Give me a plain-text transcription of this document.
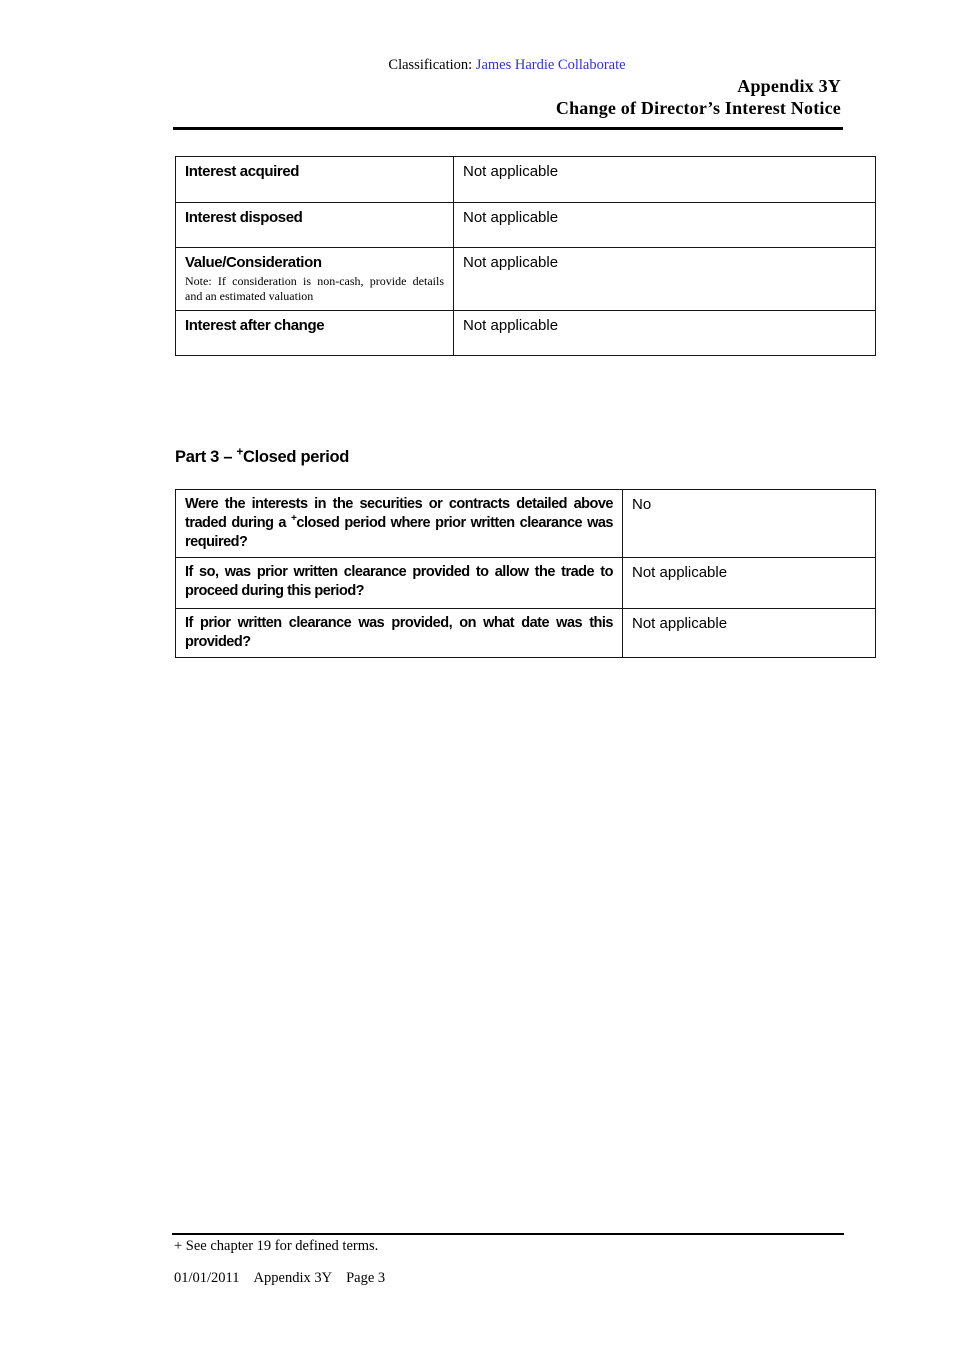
Classification: James Hardie Collaborate
Appendix 3Y
Change of Director’s Interest Notice
Interest acquired	Not applicable
Interest disposed	Not applicable

Value/Consideration
Note: If consideration is non-cash, provide details and an estimated valuation	Not applicable
Interest after change	Not applicable
Part 3 – +Closed period
Were the interests in the securities or contracts detailed above traded during a +closed period where prior written clearance was required?	No
If so, was prior written clearance provided to allow the trade to proceed during this period?	Not applicable
If prior written clearance was provided, on what date was this provided?	Not applicable
+ See chapter 19 for defined terms.
01/01/2011 Appendix 3Y Page 3
